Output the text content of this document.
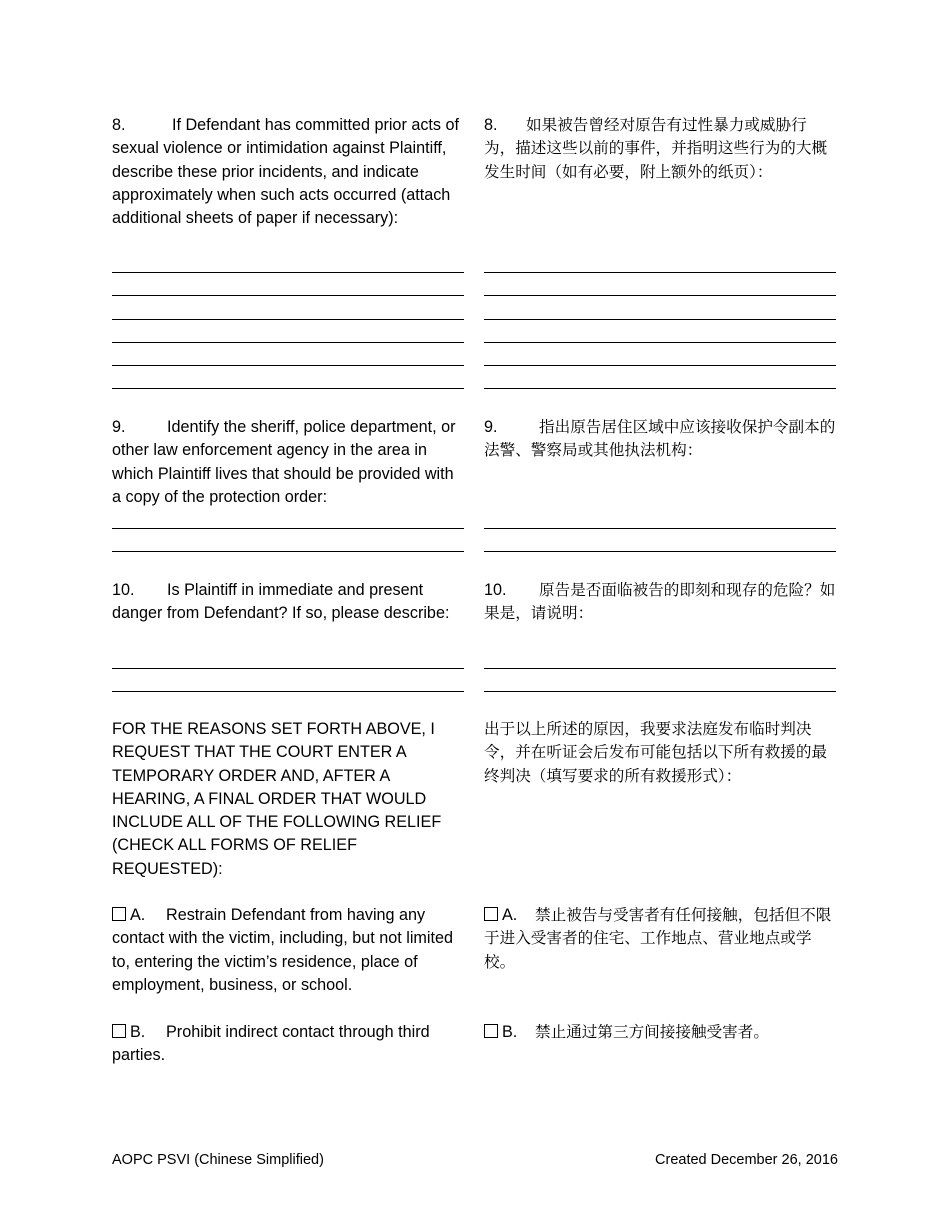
8.	If Defendant has committed prior acts of sexual violence or intimidation against Plaintiff, describe these prior incidents, and indicate approximately when such acts occurred (attach additional sheets of paper if necessary):
8. 如果被告曾经对原告有过性暴力或威胁行为，描述这些以前的事件，并指明这些行为的大概发生时间（如有必要，附上额外的纸页）：
9.	Identify the sheriff, police department, or other law enforcement agency in the area in which Plaintiff lives that should be provided with a copy of the protection order:
9.	指出原告居住区域中应该接收保护令副本的法警、警察局或其他执法机构：
10. Is Plaintiff in immediate and present danger from Defendant? If so, please describe:
10. 原告是否面临被告的即刻和现存的危险？如果是，请说明：
FOR THE REASONS SET FORTH ABOVE, I REQUEST THAT THE COURT ENTER A TEMPORARY ORDER AND, AFTER A HEARING, A FINAL ORDER THAT WOULD INCLUDE ALL OF THE FOLLOWING RELIEF (CHECK ALL FORMS OF RELIEF REQUESTED):
出于以上所述的原因，我要求法庭发布临时判决令，并在听证会后发布可能包括以下所有救援的最终判决（填写要求的所有救援形式）：
A. Restrain Defendant from having any contact with the victim, including, but not limited to, entering the victim’s residence, place of employment, business, or school.
A. 禁止被告与受害者有任何接触，包括但不限于进入受害者的住宅、工作地点、营业地点或学校。
B. Prohibit indirect contact through third parties.
B. 禁止通过第三方间接接触受害者。
AOPC PSVI (Chinese Simplified)	Created December 26, 2016
